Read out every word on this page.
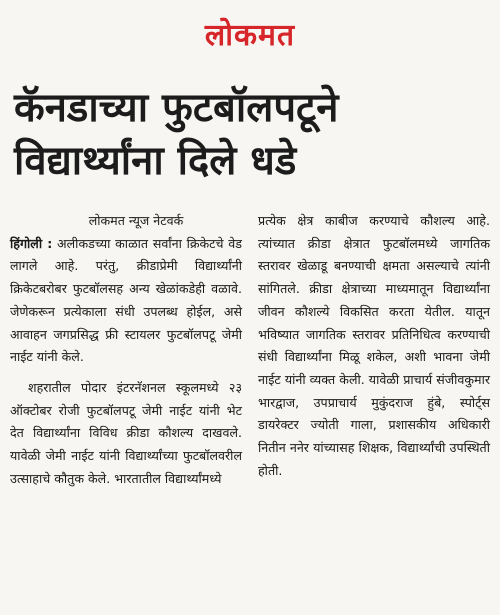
लोकमत
कॅनडाच्या फुटबॉलपटूने विद्यार्थ्यांना दिले धडे
लोकमत न्यूज नेटवर्क

हिंगोली : अलीकडच्या काळात सर्वांना क्रिकेटचे वेड लागले आहे. परंतु, क्रीडाप्रेमी विद्यार्थ्यांनी क्रिकेटबरोबर फुटबॉलसह अन्य खेळांकडेही वळावे. जेणेकरून प्रत्येकाला संधी उपलब्ध होईल, असे आवाहन जगप्रसिद्ध फ्री स्टायलर फुटबॉलपटू जेमी नाईट यांनी केले.

शहरातील पोदार इंटरनॅशनल स्कूलमध्ये २३ ऑक्टोबर रोजी फुटबॉलपटू जेमी नाईट यांनी भेट देत विद्यार्थ्यांना विविध क्रीडा कौशल्य दाखवले. यावेळी जेमी नाईट यांनी विद्यार्थ्यांच्या फुटबॉलवरील उत्साहाचे कौतुक केले. भारतातील विद्यार्थ्यांमध्ये

प्रत्येक क्षेत्र काबीज करण्याचे कौशल्य आहे. त्यांच्यात क्रीडा क्षेत्रात फुटबॉलमध्ये जागतिक स्तरावर खेळाडू बनण्याची क्षमता असल्याचे त्यांनी सांगितले. क्रीडा क्षेत्राच्या माध्यमातून विद्यार्थ्यांना जीवन कौशल्ये विकसित करता येतील. यातून भविष्यात जागतिक स्तरावर प्रतिनिधित्व करण्याची संधी विद्यार्थ्यांना मिळू शकेल, अशी भावना जेमी नाईट यांनी व्यक्त केली. यावेळी प्राचार्य संजीवकुमार भारद्वाज, उपप्राचार्य मुकुंदराज हुंबे, स्पोर्ट्स डायरेक्टर ज्योती गाला, प्रशासकीय अधिकारी नितीन ननेर यांच्यासह शिक्षक, विद्यार्थ्यांची उपस्थिती होती.
